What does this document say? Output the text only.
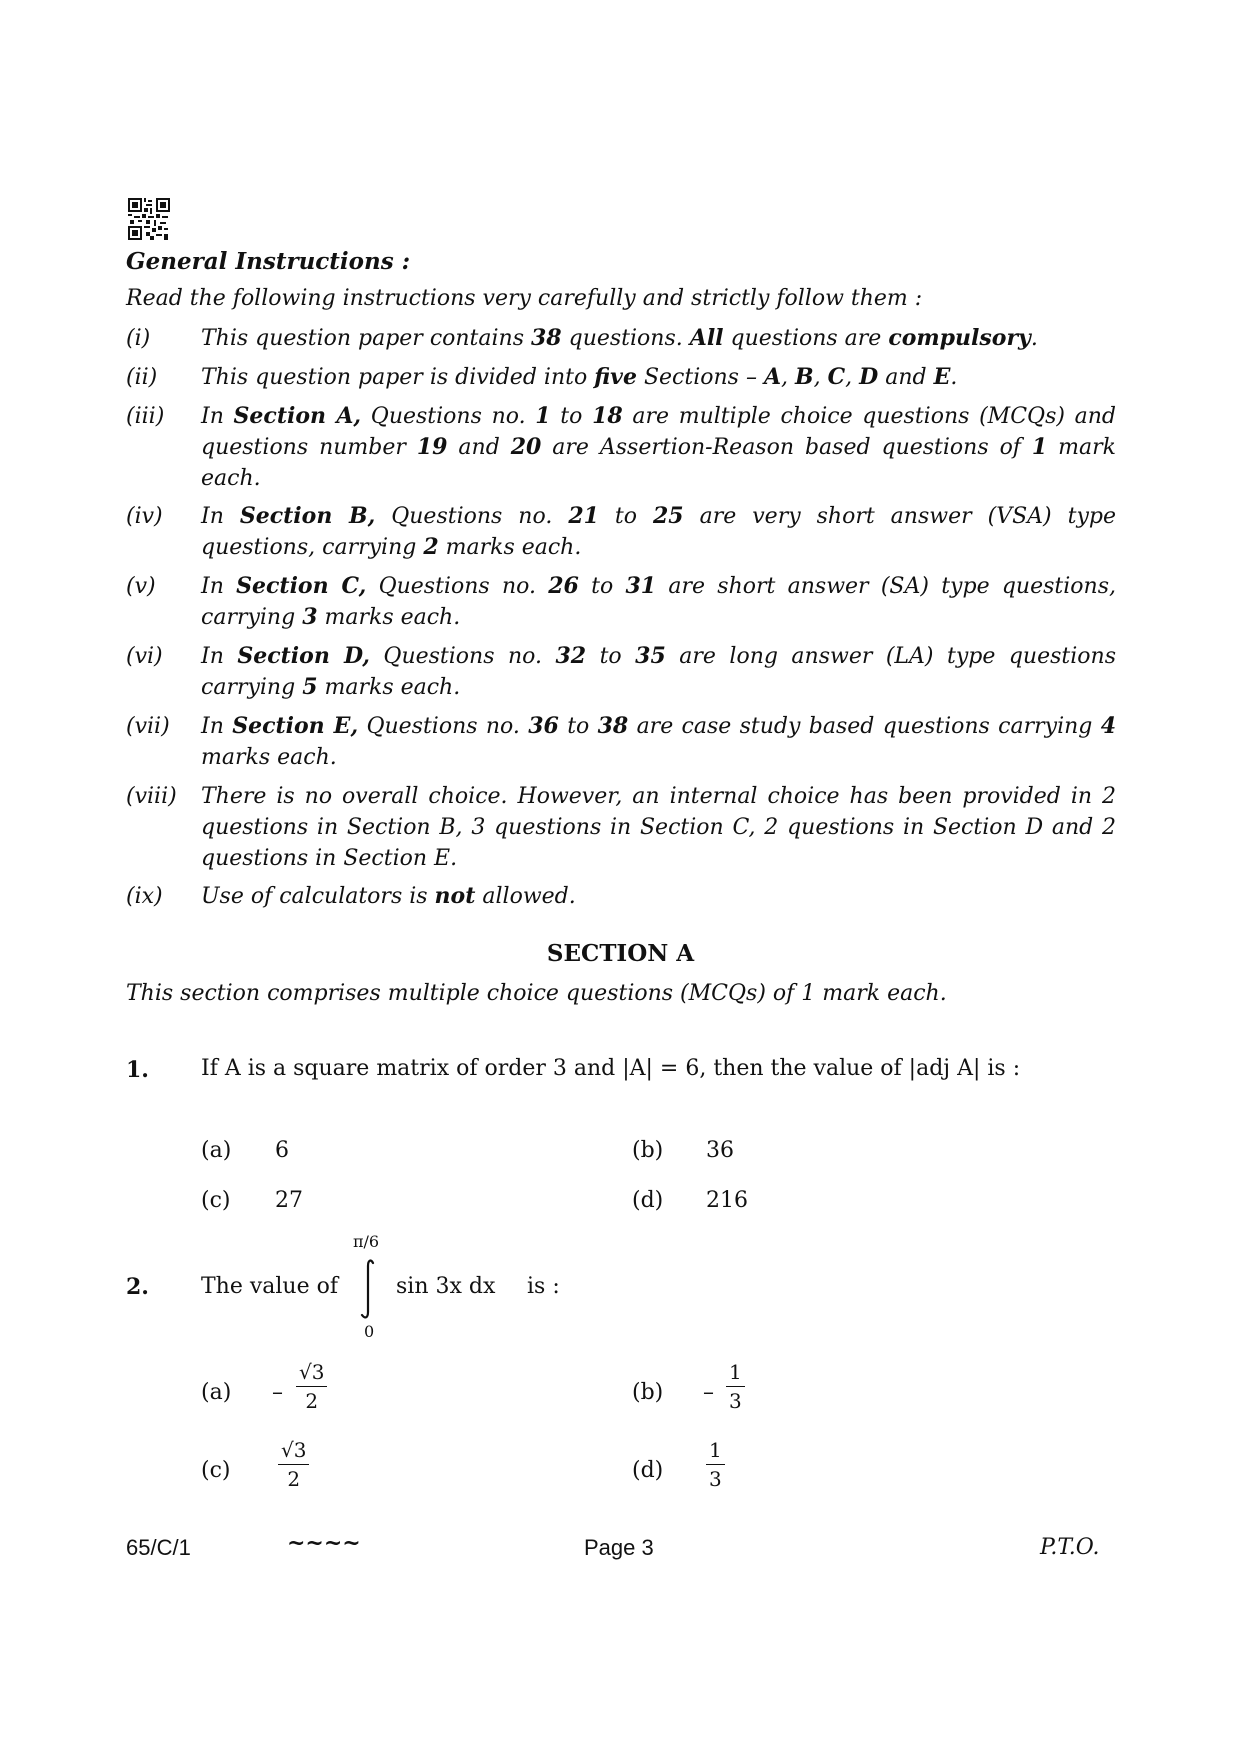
General Instructions :
Read the following instructions very carefully and strictly follow them :
(i)	This question paper contains 38 questions. All questions are compulsory.
(ii)	This question paper is divided into five Sections – A, B, C, D and E.
(iii)	In Section A, Questions no. 1 to 18 are multiple choice questions (MCQs) and questions number 19 and 20 are Assertion-Reason based questions of 1 mark each.
(iv)	In Section B, Questions no. 21 to 25 are very short answer (VSA) type questions, carrying 2 marks each.
(v)	In Section C, Questions no. 26 to 31 are short answer (SA) type questions, carrying 3 marks each.
(vi)	In Section D, Questions no. 32 to 35 are long answer (LA) type questions carrying 5 marks each.
(vii)	In Section E, Questions no. 36 to 38 are case study based questions carrying 4 marks each.
(viii)	There is no overall choice. However, an internal choice has been provided in 2 questions in Section B, 3 questions in Section C, 2 questions in Section D and 2 questions in Section E.
(ix)	Use of calculators is not allowed.
SECTION A
This section comprises multiple choice questions (MCQs) of 1 mark each.
1. If A is a square matrix of order 3 and |A| = 6, then the value of |adj A| is :
(a) 6	(b) 36
(c) 27	(d) 216
2. The value of
π/6
0
sin 3x dx is :
$(a) - \frac{√3}{2}$	$(b) - \frac{1}{3}$
$(c) \frac{√3}{2}$	$(d) \frac{1}{3}$
65/C/1	~~~~	Page 3	P.T.O.
